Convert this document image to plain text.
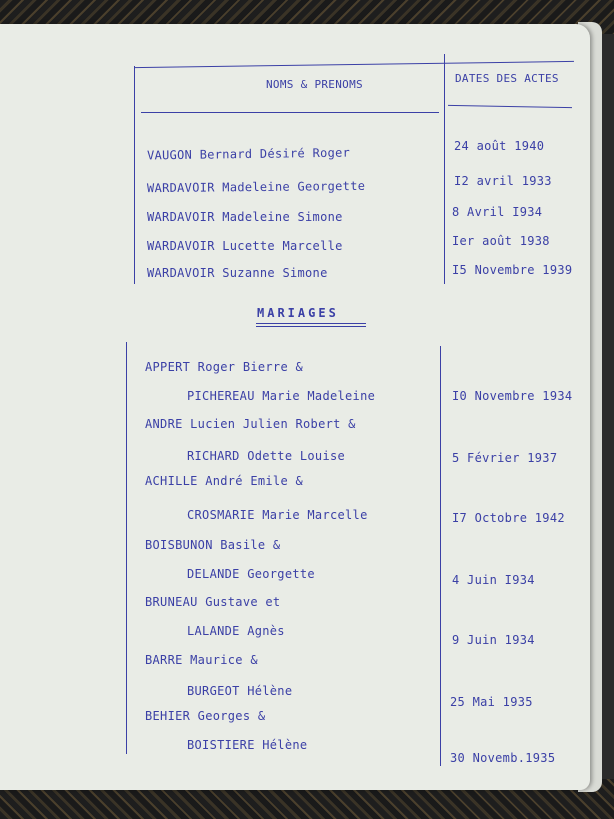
NOMS & PRENOMS	DATES DES ACTES
VAUGON Bernard Désiré Roger	24 août 1940
WARDAVOIR Madeleine Georgette	I2 avril 1933
WARDAVOIR Madeleine Simone	8 Avril I934
WARDAVOIR Lucette Marcelle	Ier août 1938
WARDAVOIR Suzanne Simone	I5 Novembre 1939
MARIAGES
APPERT Roger Bierre &
PICHEREAU Marie Madeleine	I0 Novembre 1934
ANDRE Lucien Julien Robert &
RICHARD Odette Louise	5 Février 1937
ACHILLE André Emile &
CROSMARIE Marie Marcelle	I7 Octobre 1942
BOISBUNON Basile &
DELANDE Georgette	4 Juin I934
BRUNEAU Gustave et
LALANDE Agnès
9 Juin 1934
BARRE Maurice &
BURGEOT Hélène
25 Mai 1935
BEHIER Georges &
BOISTIERE Hélène
30 Novemb.1935
